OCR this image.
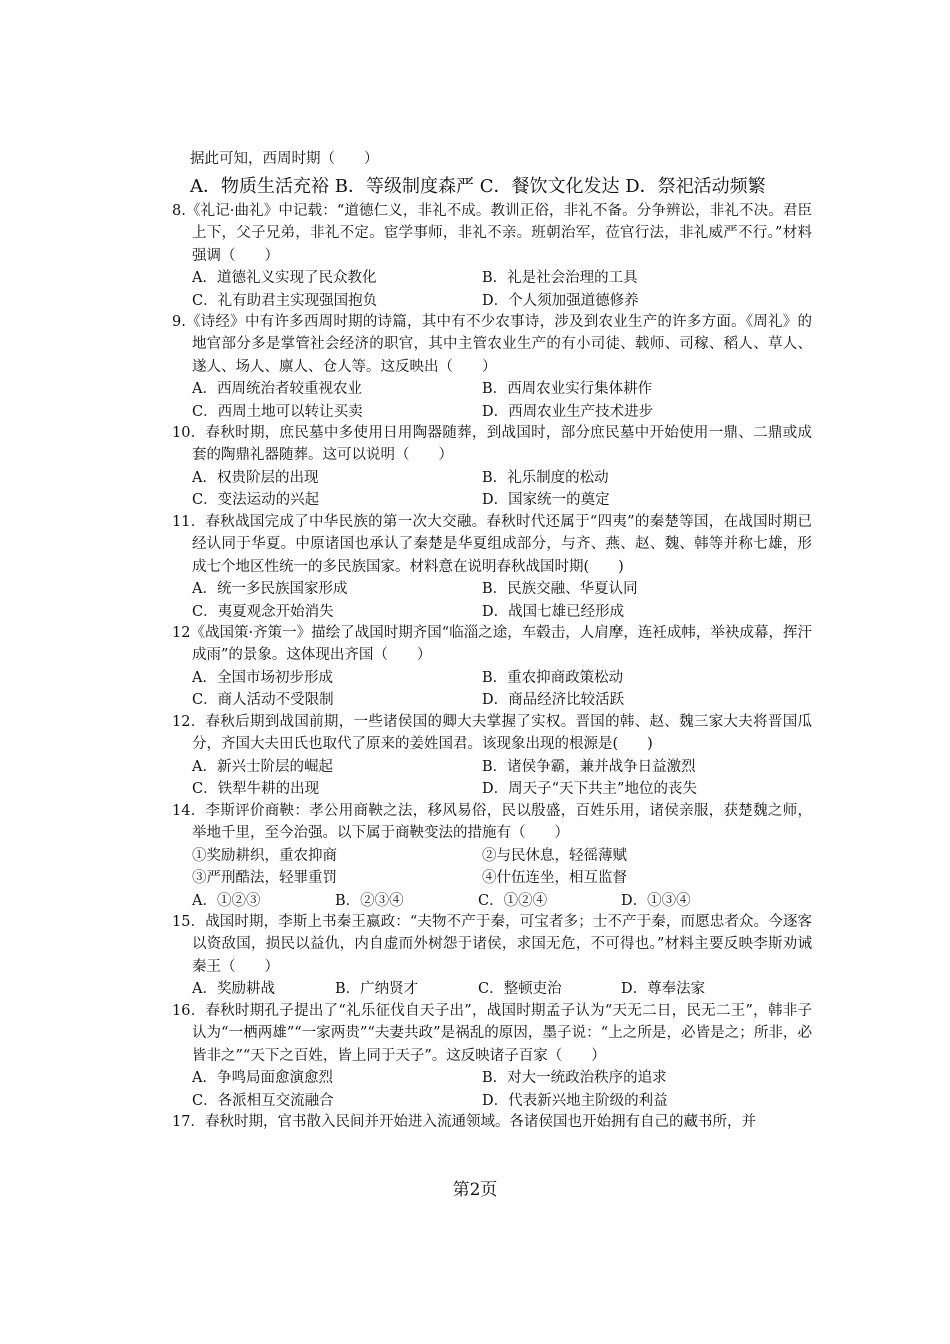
据此可知，西周时期（　　）
A．物质生活充裕 B．等级制度森严 C．餐饮文化发达 D．祭祀活动频繁
8.《礼记·曲礼》中记载：“道德仁义，非礼不成。教训正俗，非礼不备。分争辨讼，非礼不决。君臣上下，父子兄弟，非礼不定。宦学事师，非礼不亲。班朝治军，莅官行法，非礼威严不行。”材料强调（　　）
A．道德礼义实现了民众教化	B．礼是社会治理的工具
C．礼有助君主实现强国抱负	D．个人须加强道德修养
9.《诗经》中有许多西周时期的诗篇，其中有不少农事诗，涉及到农业生产的许多方面。《周礼》的地官部分多是掌管社会经济的职官，其中主管农业生产的有小司徒、载师、司稼、稻人、草人、遂人、场人、廪人、仓人等。这反映出（　　）
A．西周统治者较重视农业	B．西周农业实行集体耕作
C．西周土地可以转让买卖	D．西周农业生产技术进步
10．春秋时期，庶民墓中多使用日用陶器随葬，到战国时，部分庶民墓中开始使用一鼎、二鼎或成套的陶鼎礼器随葬。这可以说明（　　）
A．权贵阶层的出现	B．礼乐制度的松动
C．变法运动的兴起	D．国家统一的奠定
11．春秋战国完成了中华民族的第一次大交融。春秋时代还属于“四夷”的秦楚等国，在战国时期已经认同于华夏。中原诸国也承认了秦楚是华夏组成部分，与齐、燕、赵、魏、韩等并称七雄，形成七个地区性统一的多民族国家。材料意在说明春秋战国时期(　　)
A．统一多民族国家形成	B．民族交融、华夏认同
C．夷夏观念开始消失	D．战国七雄已经形成
12《战国策·齐策一》描绘了战国时期齐国“临淄之途，车毂击，人肩摩，连衽成帏，举袂成幕，挥汗成雨”的景象。这体现出齐国（　　）
A．全国市场初步形成	B．重农抑商政策松动
C．商人活动不受限制	D．商品经济比较活跃
12．春秋后期到战国前期，一些诸侯国的卿大夫掌握了实权。晋国的韩、赵、魏三家大夫将晋国瓜分，齐国大夫田氏也取代了原来的姜姓国君。该现象出现的根源是(　　)
A．新兴士阶层的崛起	B．诸侯争霸，兼并战争日益激烈
C．铁犁牛耕的出现	D．周天子“天下共主”地位的丧失
14．李斯评价商鞅：孝公用商鞅之法，移风易俗，民以殷盛，百姓乐用，诸侯亲服，获楚魏之师，举地千里，至今治强。以下属于商鞅变法的措施有（　　）
①奖励耕织，重农抑商	②与民休息，轻徭薄赋
③严刑酷法，轻罪重罚	④什伍连坐，相互监督
A．①②③	B．②③④	C．①②④	D．①③④
15．战国时期，李斯上书秦王嬴政：“夫物不产于秦，可宝者多；士不产于秦，而愿忠者众。今逐客以资敌国，损民以益仇，内自虚而外树怨于诸侯，求国无危，不可得也。”材料主要反映李斯劝诫秦王（　　）
A．奖励耕战	B．广纳贤才	C．整顿吏治	D．尊奉法家
16．春秋时期孔子提出了“礼乐征伐自天子出”，战国时期孟子认为“天无二日，民无二王”，韩非子认为“一栖两雄”“一家两贵”“夫妻共政”是祸乱的原因，墨子说：“上之所是，必皆是之；所非，必皆非之”“天下之百姓，皆上同于天子”。这反映诸子百家（　　）
A．争鸣局面愈演愈烈	B．对大一统政治秩序的追求
C．各派相互交流融合	D．代表新兴地主阶级的利益
17．春秋时期，官书散入民间并开始进入流通领域。各诸侯国也开始拥有自己的藏书所，并
第2页
